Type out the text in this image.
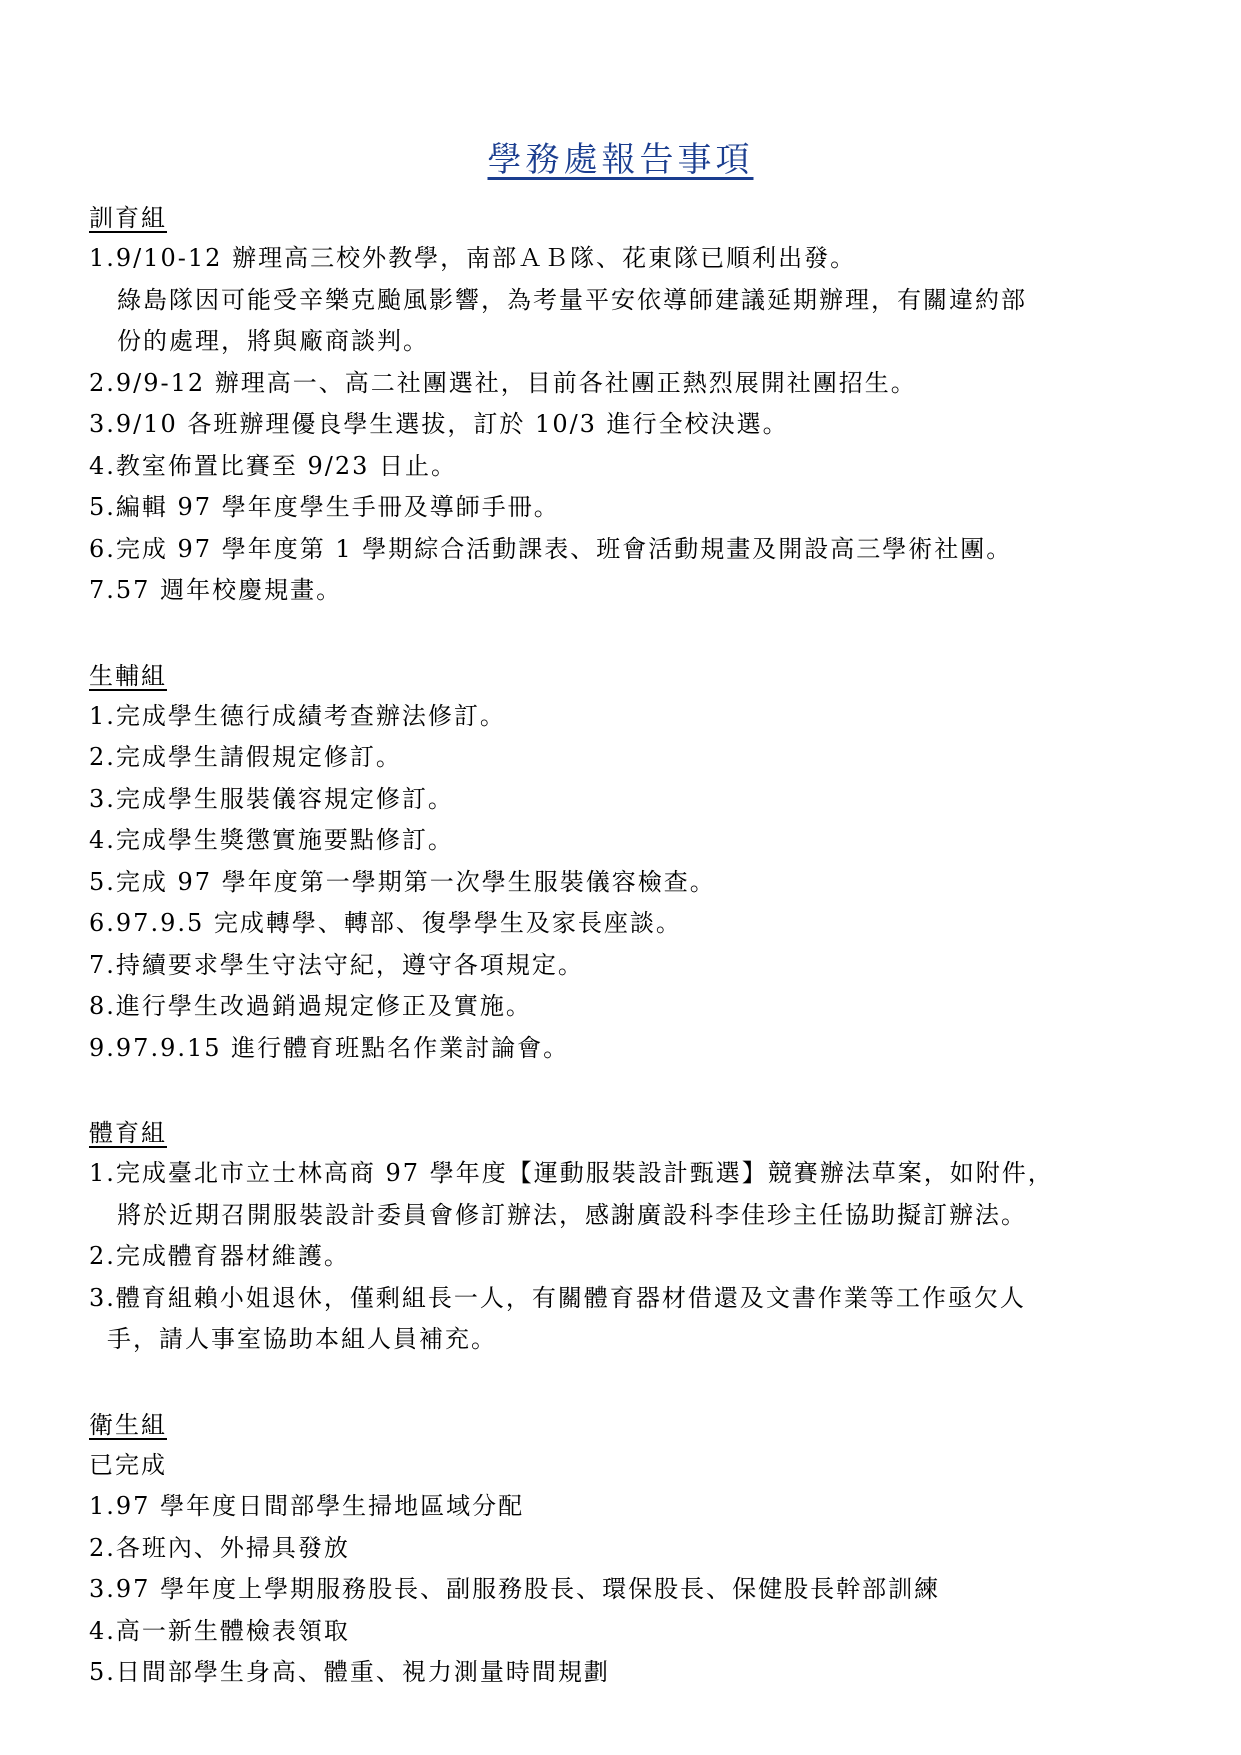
學務處報告事項
訓育組
1.9/10-12 辦理高三校外教學，南部ＡＢ隊、花東隊已順利出發。
綠島隊因可能受辛樂克颱風影響，為考量平安依導師建議延期辦理，有關違約部
份的處理，將與廠商談判。
2.9/9-12 辦理高一、高二社團選社，目前各社團正熱烈展開社團招生。
3.9/10 各班辦理優良學生選拔，訂於 10/3 進行全校決選。
4.教室佈置比賽至 9/23 日止。
5.編輯 97 學年度學生手冊及導師手冊。
6.完成 97 學年度第 1 學期綜合活動課表、班會活動規畫及開設高三學術社團。
7.57 週年校慶規畫。
生輔組
1.完成學生德行成績考查辦法修訂。
2.完成學生請假規定修訂。
3.完成學生服裝儀容規定修訂。
4.完成學生獎懲實施要點修訂。
5.完成 97 學年度第一學期第一次學生服裝儀容檢查。
6.97.9.5 完成轉學、轉部、復學學生及家長座談。
7.持續要求學生守法守紀，遵守各項規定。
8.進行學生改過銷過規定修正及實施。
9.97.9.15 進行體育班點名作業討論會。
體育組
1.完成臺北市立士林高商 97 學年度【運動服裝設計甄選】競賽辦法草案，如附件，
將於近期召開服裝設計委員會修訂辦法，感謝廣設科李佳珍主任協助擬訂辦法。
2.完成體育器材維護。
3.體育組賴小姐退休，僅剩組長一人，有關體育器材借還及文書作業等工作亟欠人
手，請人事室協助本組人員補充。
衛生組
已完成
1.97 學年度日間部學生掃地區域分配
2.各班內、外掃具發放
3.97 學年度上學期服務股長、副服務股長、環保股長、保健股長幹部訓練
4.高一新生體檢表領取
5.日間部學生身高、體重、視力測量時間規劃
